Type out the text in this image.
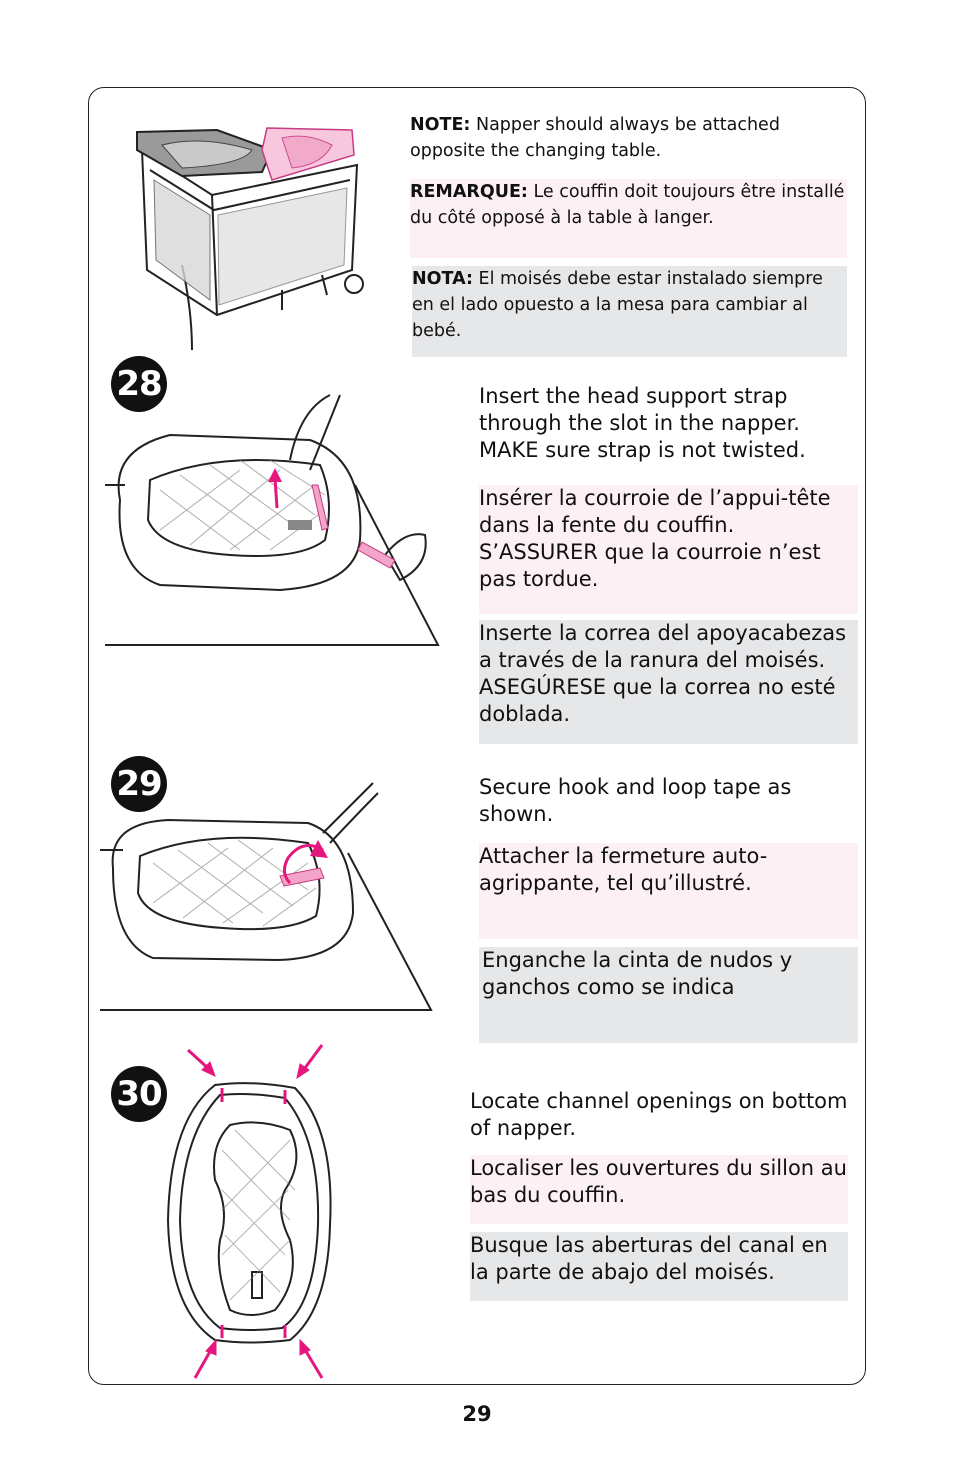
NOTE: Napper should always be attached opposite the changing table.
REMARQUE: Le couffin doit toujours être installé du côté opposé à la table à langer.
NOTA: El moisés debe estar instalado siempre en el lado opuesto a la mesa para cambiar al bebé.
28	Insert the head support strap through the slot in the napper. MAKE sure strap is not twisted.
Insérer la courroie de l’appui-tête dans la fente du couffin. S’ASSURER que la courroie n’est pas tordue.
Inserte la correa del apoyacabezas a través de la ranura del moisés. ASEGÚRESE que la correa no esté doblada.
29	Secure hook and loop tape as shown.
Attacher la fermeture auto-agrippante, tel qu’illustré.
Enganche la cinta de nudos y ganchos como se indica
30	Locate channel openings on bottom of napper.
Localiser les ouvertures du sillon au bas du couffin.
Busque las aberturas del canal en la parte de abajo del moisés.
29
